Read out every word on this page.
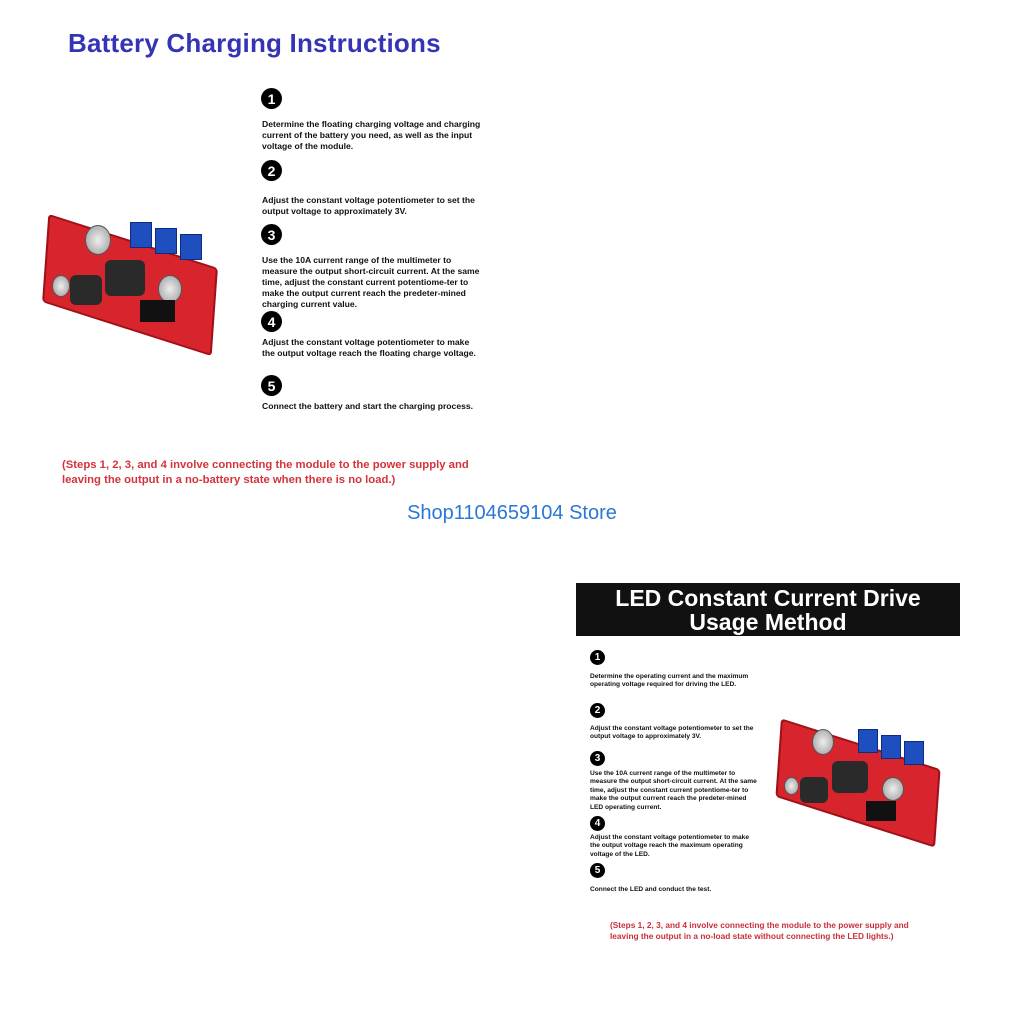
Battery Charging Instructions
1
Determine the floating charging voltage and charging current of the battery you need, as well as the input voltage of the module.
2
Adjust the constant voltage potentiometer to set the output voltage to approximately 3V.
3
Use the 10A current range of the multimeter to measure the output short-circuit current. At the same time, adjust the constant current potentiome-ter to make the output current reach the predeter-mined charging current value.
4
Adjust the constant voltage potentiometer to make the output voltage reach the floating charge voltage.
5
Connect the battery and start the charging process.
(Steps 1, 2, 3, and 4 involve connecting the module to the power supply and leaving the output in a no-battery state when there is no load.)
Shop1104659104 Store
LED Constant Current Drive
Usage Method
1
Determine the operating current and the maximum operating voltage required for driving the LED.
2
Adjust the constant voltage potentiometer to set the output voltage to approximately 3V.
3
Use the 10A current range of the multimeter to measure the output short-circuit current. At the same time, adjust the constant current potentiome-ter to make the output current reach the predeter-mined LED operating current.
4
Adjust the constant voltage potentiometer to make the output voltage reach the maximum operating voltage of the LED.
5
Connect the LED and conduct the test.
(Steps 1, 2, 3, and 4 involve connecting the module to the power supply and leaving the output in a no-load state without connecting the LED lights.)
